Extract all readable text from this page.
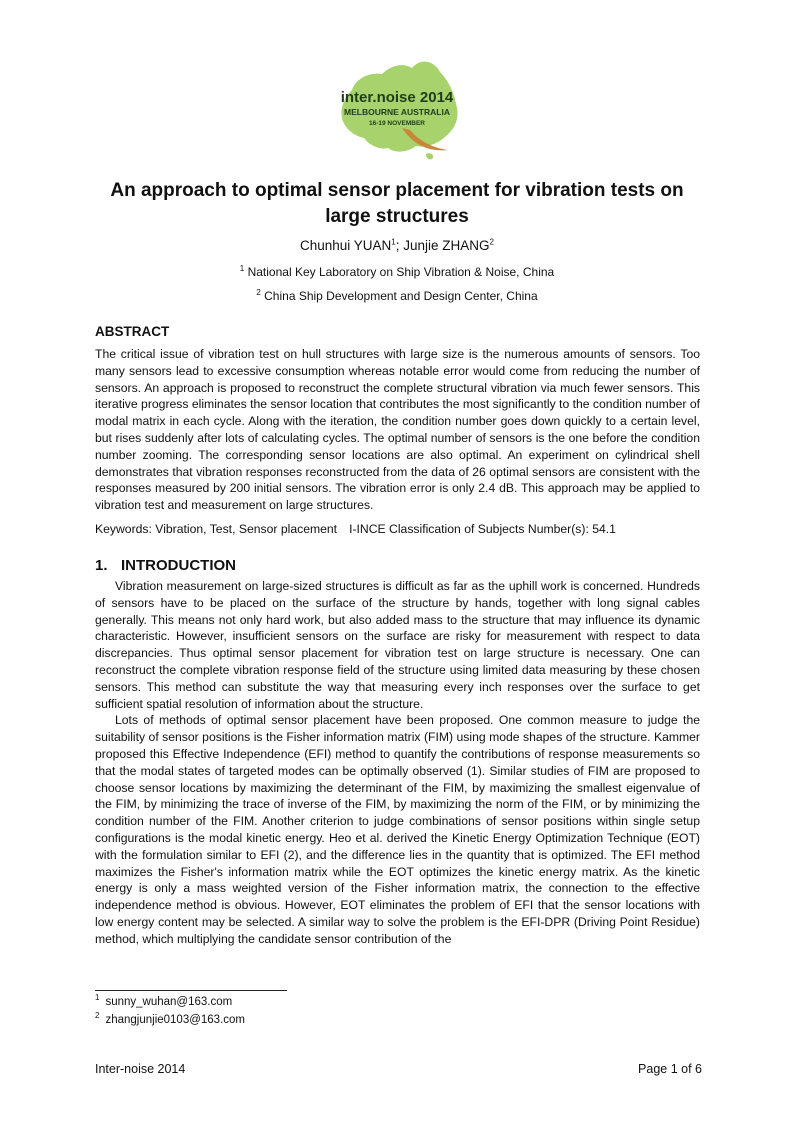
inter.noise 2014
MELBOURNE AUSTRALIA
16-19 NOVEMBER
An approach to optimal sensor placement for vibration tests on large structures
Chunhui YUAN$^1$; Junjie ZHANG$^2$
$^1$ National Key Laboratory on Ship Vibration & Noise, China
$^2$ China Ship Development and Design Center, China
ABSTRACT

The critical issue of vibration test on hull structures with large size is the numerous amounts of sensors. Too many sensors lead to excessive consumption whereas notable error would come from reducing the number of sensors. An approach is proposed to reconstruct the complete structural vibration via much fewer sensors. This iterative progress eliminates the sensor location that contributes the most significantly to the condition number of modal matrix in each cycle. Along with the iteration, the condition number goes down quickly to a certain level, but rises suddenly after lots of calculating cycles. The optimal number of sensors is the one before the condition number zooming. The corresponding sensor locations are also optimal. An experiment on cylindrical shell demonstrates that vibration responses reconstructed from the data of 26 optimal sensors are consistent with the responses measured by 200 initial sensors. The vibration error is only 2.4 dB. This approach may be applied to vibration test and measurement on large structures.

Keywords: Vibration, Test, Sensor placement I-INCE Classification of Subjects Number(s): 54.1
1. INTRODUCTION

Vibration measurement on large-sized structures is difficult as far as the uphill work is concerned. Hundreds of sensors have to be placed on the surface of the structure by hands, together with long signal cables generally. This means not only hard work, but also added mass to the structure that may influence its dynamic characteristic. However, insufficient sensors on the surface are risky for measurement with respect to data discrepancies. Thus optimal sensor placement for vibration test on large structure is necessary. One can reconstruct the complete vibration response field of the structure using limited data measuring by these chosen sensors. This method can substitute the way that measuring every inch responses over the surface to get sufficient spatial resolution of information about the structure.

Lots of methods of optimal sensor placement have been proposed. One common measure to judge the suitability of sensor positions is the Fisher information matrix (FIM) using mode shapes of the structure. Kammer proposed this Effective Independence (EFI) method to quantify the contributions of response measurements so that the modal states of targeted modes can be optimally observed (1). Similar studies of FIM are proposed to choose sensor locations by maximizing the determinant of the FIM, by maximizing the smallest eigenvalue of the FIM, by minimizing the trace of inverse of the FIM, by maximizing the norm of the FIM, or by minimizing the condition number of the FIM. Another criterion to judge combinations of sensor positions within single setup configurations is the modal kinetic energy. Heo et al. derived the Kinetic Energy Optimization Technique (EOT) with the formulation similar to EFI (2), and the difference lies in the quantity that is optimized. The EFI method maximizes the Fisher's information matrix while the EOT optimizes the kinetic energy matrix. As the kinetic energy is only a mass weighted version of the Fisher information matrix, the connection to the effective independence method is obvious. However, EOT eliminates the problem of EFI that the sensor locations with low energy content may be selected. A similar way to solve the problem is the EFI-DPR (Driving Point Residue) method, which multiplying the candidate sensor contribution of the

$^1$ sunny_wuhan@163.com
$^2$ zhangjunjie0103@163.com
Inter-noise 2014	Page 1 of 6
